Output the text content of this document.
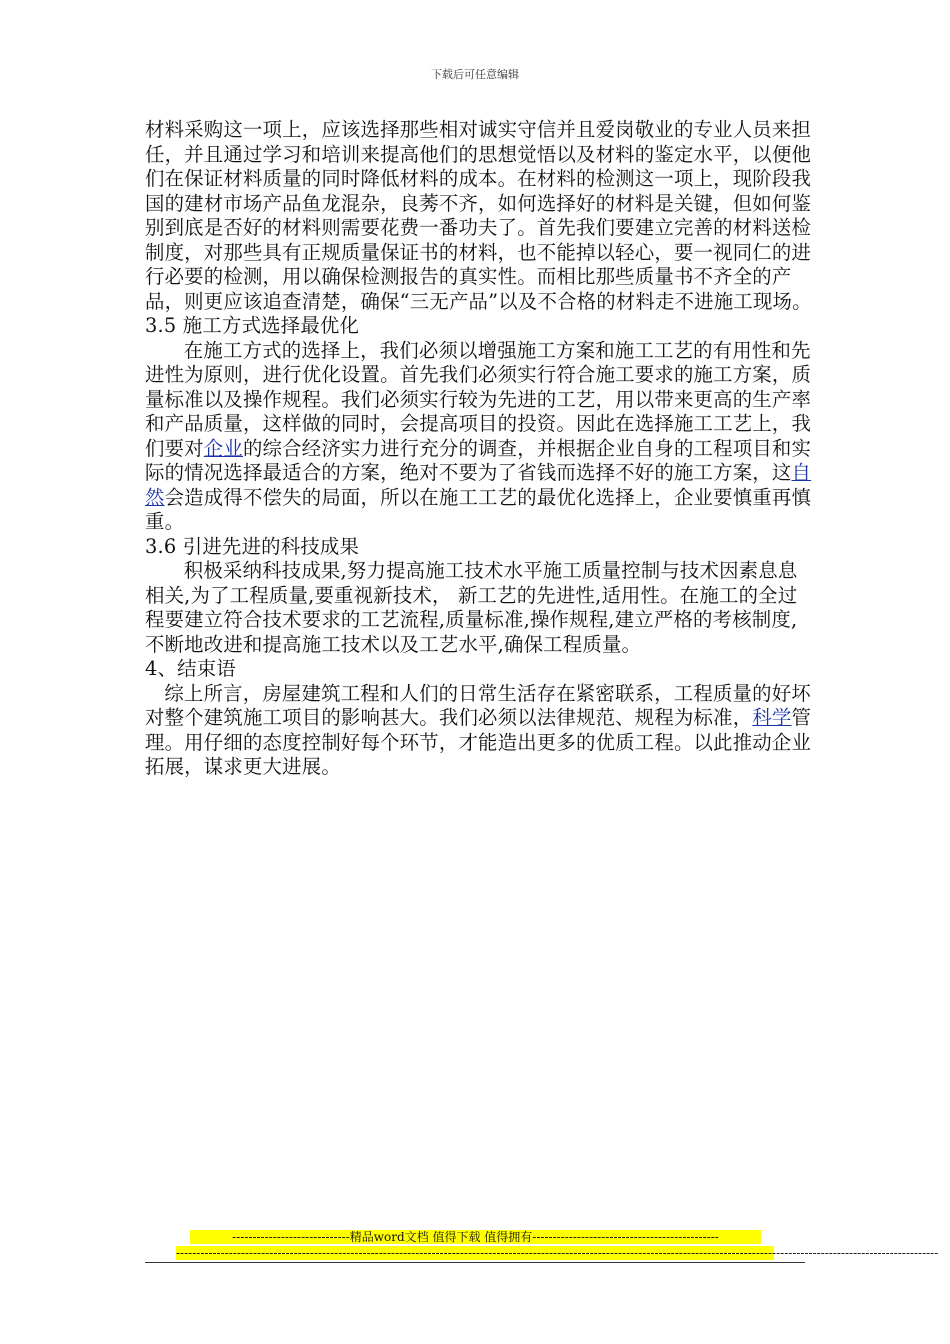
下载后可任意编辑

材料采购这一项上，应该选择那些相对诚实守信并且爱岗敬业的专业人员来担任，并且通过学习和培训来提高他们的思想觉悟以及材料的鉴定水平，以便他们在保证材料质量的同时降低材料的成本。在材料的检测这一项上，现阶段我国的建材市场产品鱼龙混杂，良莠不齐，如何选择好的材料是关键，但如何鉴别到底是否好的材料则需要花费一番功夫了。首先我们要建立完善的材料送检制度，对那些具有正规质量保证书的材料，也不能掉以轻心，要一视同仁的进行必要的检测，用以确保检测报告的真实性。而相比那些质量书不齐全的产品，则更应该追查清楚，确保“三无产品”以及不合格的材料走不进施工现场。

3.5 施工方式选择最优化

在施工方式的选择上，我们必须以增强施工方案和施工工艺的有用性和先进性为原则，进行优化设置。首先我们必须实行符合施工要求的施工方案，质量标准以及操作规程。我们必须实行较为先进的工艺，用以带来更高的生产率和产品质量，这样做的同时，会提高项目的投资。因此在选择施工工艺上，我们要对企业的综合经济实力进行充分的调查，并根据企业自身的工程项目和实际的情况选择最适合的方案，绝对不要为了省钱而选择不好的施工方案，这自然会造成得不偿失的局面，所以在施工工艺的最优化选择上，企业要慎重再慎重。

3.6 引进先进的科技成果

积极采纳科技成果,努力提高施工技术水平施工质量控制与技术因素息息相关,为了工程质量,要重视新技术， 新工艺的先进性,适用性。在施工的全过程要建立符合技术要求的工艺流程,质量标准,操作规程,建立严格的考核制度,不断地改进和提高施工技术以及工艺水平,确保工程质量。

4、结束语

综上所言，房屋建筑工程和人们的日常生活存在紧密联系，工程质量的好坏对整个建筑施工项目的影响甚大。我们必须以法律规范、规程为标准，科学管理。用仔细的态度控制好每个环节，才能造出更多的优质工程。以此推动企业拓展，谋求更大进展。

-----------------------------精品word文档 值得下载 值得拥有----------------------------------------------
--------------------------------------------------------------------------------------------------------------------------------------------------------------------------------------------
